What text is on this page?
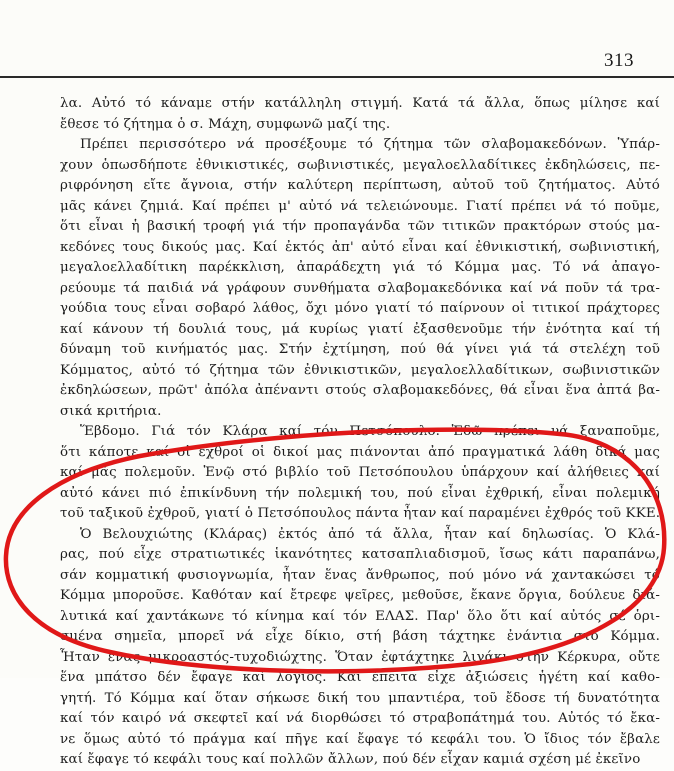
313
λα. Αὐτό τό κάναμε στήν κατάλληλη στιγμή. Κατά τά ἄλλα, ὅπως μίλησε καί
ἔθεσε τό ζήτημα ὁ σ. Μάχη, συμφωνῶ μαζί της.
Πρέπει περισσότερο νά προσέξουμε τό ζήτημα τῶν σλαβομακεδόνων. Ὑπάρ-
χουν ὁπωσδήποτε ἐθνικιστικές, σωβινιστικές, μεγαλοελλαδίτικες ἐκδηλώσεις, πε-
ριφρόνηση εἴτε ἄγνοια, στήν καλύτερη περίπτωση, αὐτοῦ τοῦ ζητήματος. Αὐτό
μᾶς κάνει ζημιά. Καί πρέπει μ' αὐτό νά τελειώνουμε. Γιατί πρέπει νά τό ποῦμε,
ὅτι εἶναι ἡ βασική τροφή γιά τήν προπαγάνδα τῶν τιτικῶν πρακτόρων στούς μα-
κεδόνες τους δικούς μας. Καί ἐκτός ἀπ' αὐτό εἶναι καί ἐθνικιστική, σωβινιστική,
μεγαλοελλαδίτικη παρέκκλιση, ἀπαράδεχτη γιά τό Κόμμα μας. Τό νά ἀπαγο-
ρεύουμε τά παιδιά νά γράφουν συνθήματα σλαβομακεδόνικα καί νά ποῦν τά τρα-
γούδια τους εἶναι σοβαρό λάθος, ὄχι μόνο γιατί τό παίρνουν οἱ τιτικοί πράχτορες
καί κάνουν τή δουλιά τους, μά κυρίως γιατί ἐξασθενοῦμε τήν ἑνότητα καί τή
δύναμη τοῦ κινήματός μας. Στήν ἐχτίμηση, πού θά γίνει γιά τά στελέχη τοῦ
Κόμματος, αὐτό τό ζήτημα τῶν ἐθνικιστικῶν, μεγαλοελλαδίτικων, σωβινιστικῶν
ἐκδηλώσεων, πρῶτ' ἀπόλα ἀπέναντι στούς σλαβομακεδόνες, θά εἶναι ἕνα ἀπτά βα-
σικά κριτήρια.
Ἕβδομο. Γιά τόν Κλάρα καί τόν Πετσόπουλο. Ἐδῶ πρέπει νά ξαναποῦμε,
ὅτι κάποτε καί οἱ ἐχθροί οἱ δικοί μας πιάνονται ἀπό πραγματικά λάθη δικά μας
καί μᾶς πολεμοῦν. Ἐνῷ στό βιβλίο τοῦ Πετσόπουλου ὑπάρχουν καί ἀλήθειες καί
αὐτό κάνει πιό ἐπικίνδυνη τήν πολεμική του, πού εἶναι ἐχθρική, εἶναι πολεμική
τοῦ ταξικοῦ ἐχθροῦ, γιατί ὁ Πετσόπουλος πάντα ἦταν καί παραμένει ἐχθρός τοῦ ΚΚΕ.
Ὁ Βελουχιώτης (Κλάρας) ἐκτός ἀπό τά ἄλλα, ἦταν καί δηλωσίας. Ὁ Κλά-
ρας, πού εἶχε στρατιωτικές ἱκανότητες κατσαπλιαδισμοῦ, ἴσως κάτι παραπάνω,
σάν κομματική φυσιογνωμία, ἦταν ἕνας ἄνθρωπος, πού μόνο νά χαντακώσει τό
Κόμμα μποροῦσε. Καθόταν καί ἔτρεφε ψεῖρες, μεθοῦσε, ἔκανε ὄργια, δούλευε διά-
λυτικά καί χαντάκωνε τό κίνημα καί τόν ΕΛΑΣ. Παρ' ὅλο ὅτι καί αὐτός σέ ὁρι-
σμένα σημεῖα, μπορεῖ νά εἶχε δίκιο, στή βάση τάχτηκε ἐνάντια στό Κόμμα.
Ἦταν ἕνας μικροαστός-τυχοδιώχτης. Ὅταν ἐφτάχτηκε λιγάκι στήν Κέρκυρα, οὔτε
ἕνα μπάτσο δέν ἔφαγε καί λόγιος. Καί ἔπειτα εἶχε ἀξιώσεις ἡγέτη καί καθο-
γητή. Τό Κόμμα καί ὅταν σήκωσε δική του μπαντιέρα, τοῦ ἔδοσε τή δυνατότητα
καί τόν καιρό νά σκεφτεῖ καί νά διορθώσει τό στραβοπάτημά του. Αὐτός τό ἔκα-
νε ὅμως αὐτό τό πράγμα καί πῆγε καί ἔφαγε τό κεφάλι του. Ὁ ἴδιος τόν ἔβαλε
καί ἔφαγε τό κεφάλι τους καί πολλῶν ἄλλων, πού δέν εἶχαν καμιά σχέση μέ ἐκεῖνο
